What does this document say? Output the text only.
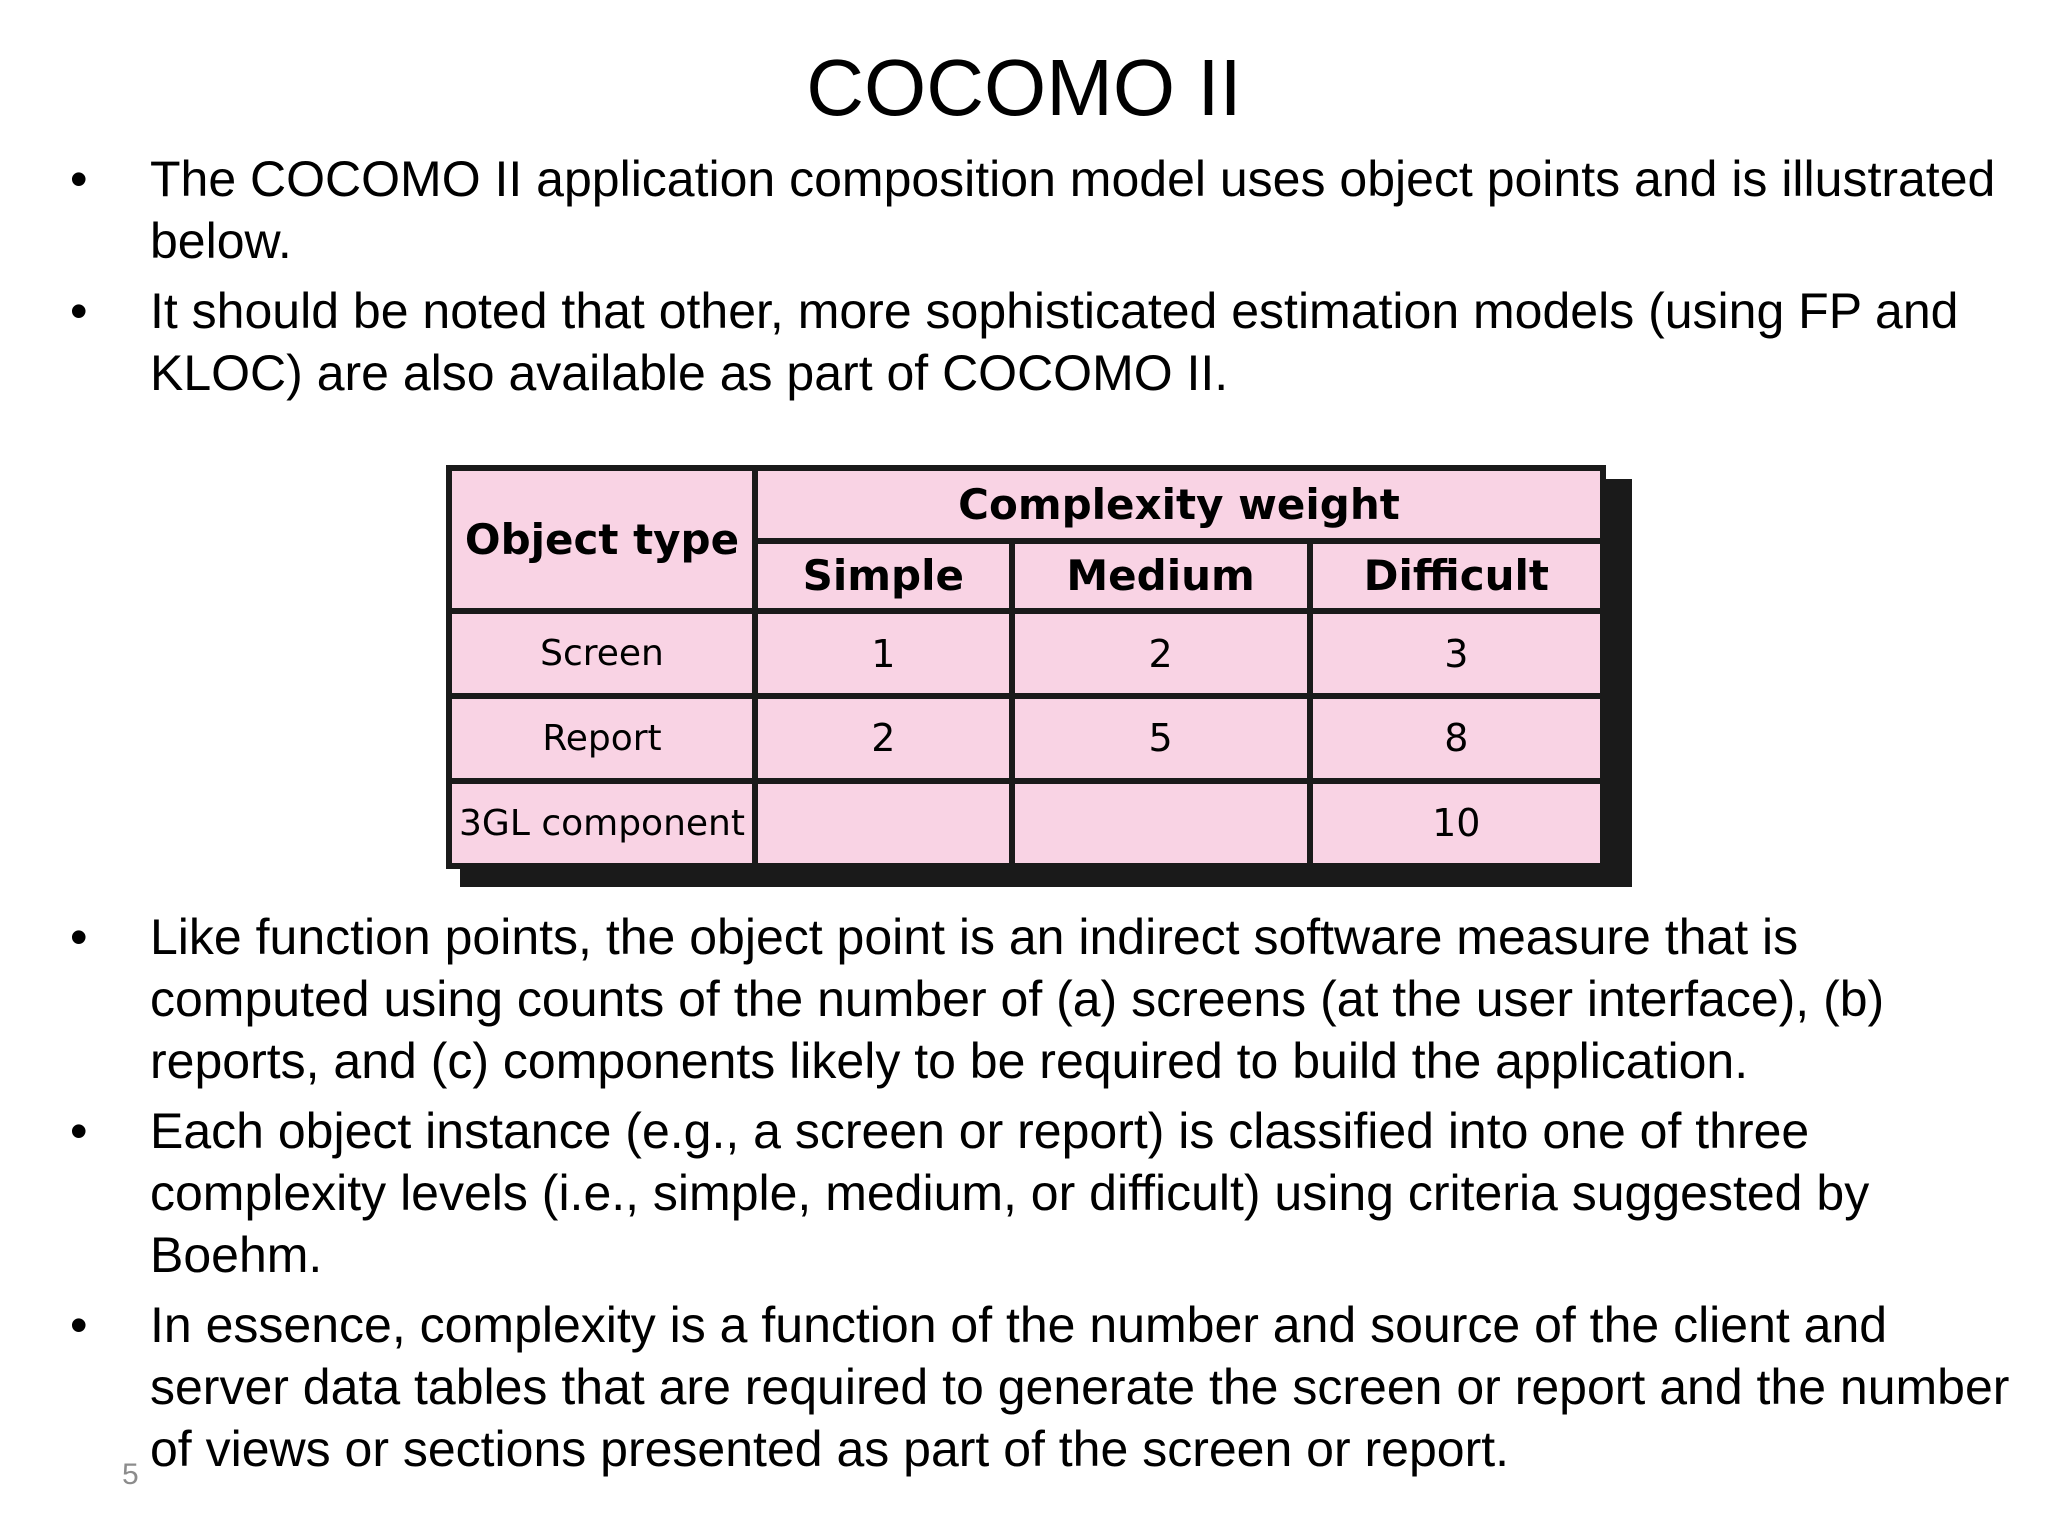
COCOMO II
• The COCOMO II application composition model uses object points and is illustrated below.
• It should be noted that other, more sophisticated estimation models (using FP and KLOC) are also available as part of COCOMO II.
Object type	Complexity weight		
	Simple	Medium	Difficult
Screen	1	2	3
Report	2	5	8
3GL component			10
• Like function points, the object point is an indirect software measure that is computed using counts of the number of (a) screens (at the user interface), (b) reports, and (c) components likely to be required to build the application.
• Each object instance (e.g., a screen or report) is classified into one of three complexity levels (i.e., simple, medium, or difficult) using criteria suggested by Boehm.
• In essence, complexity is a function of the number and source of the client and server data tables that are required to generate the screen or report and the number of views or sections presented as part of the screen or report.
5
